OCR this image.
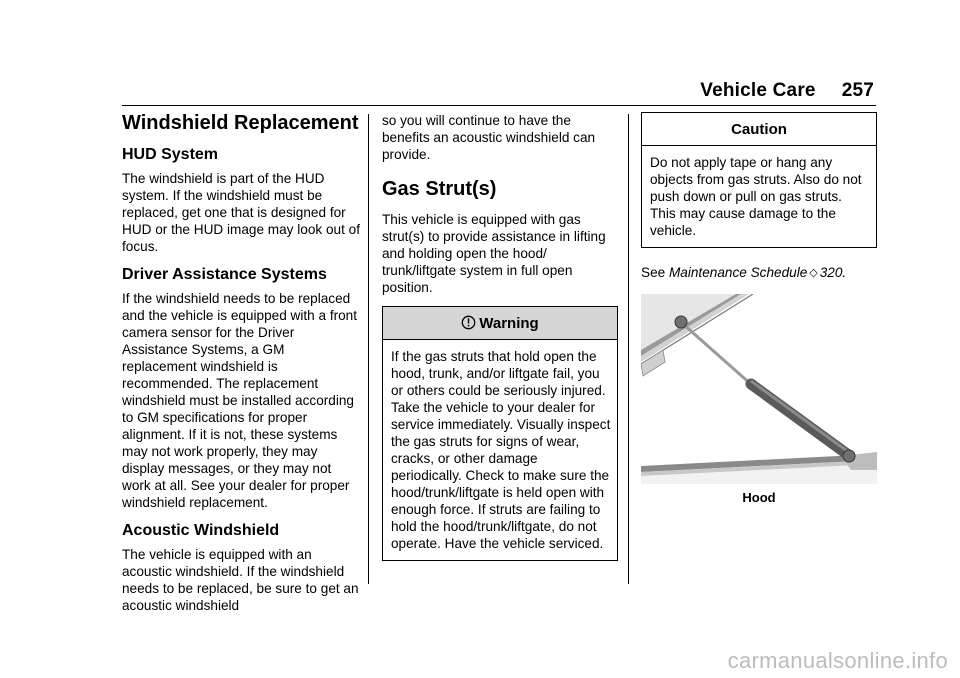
Vehicle Care 257
Windshield Replacement
HUD System

The windshield is part of the HUD system. If the windshield must be replaced, get one that is designed for HUD or the HUD image may look out of focus.

Driver Assistance Systems

If the windshield needs to be replaced and the vehicle is equipped with a front camera sensor for the Driver Assistance Systems, a GM replacement windshield is recommended. The replacement windshield must be installed according to GM specifications for proper alignment. If it is not, these systems may not work properly, they may display messages, or they may not work at all. See your dealer for proper windshield replacement.

Acoustic Windshield

The vehicle is equipped with an acoustic windshield. If the windshield needs to be replaced, be sure to get an acoustic windshield

so you will continue to have the benefits an acoustic windshield can provide.

Gas Strut(s)

This vehicle is equipped with gas strut(s) to provide assistance in lifting and holding open the hood/ trunk/liftgate system in full open position.

Warning

If the gas struts that hold open the hood, trunk, and/or liftgate fail, you or others could be seriously injured. Take the vehicle to your dealer for service immediately. Visually inspect the gas struts for signs of wear, cracks, or other damage periodically. Check to make sure the hood/trunk/liftgate is held open with enough force. If struts are failing to hold the hood/trunk/liftgate, do not operate. Have the vehicle serviced.

Caution

Do not apply tape or hang any objects from gas struts. Also do not push down or pull on gas struts. This may cause damage to the vehicle.

See Maintenance Schedule ◇ 320.

Hood
carmanualsonline.info
